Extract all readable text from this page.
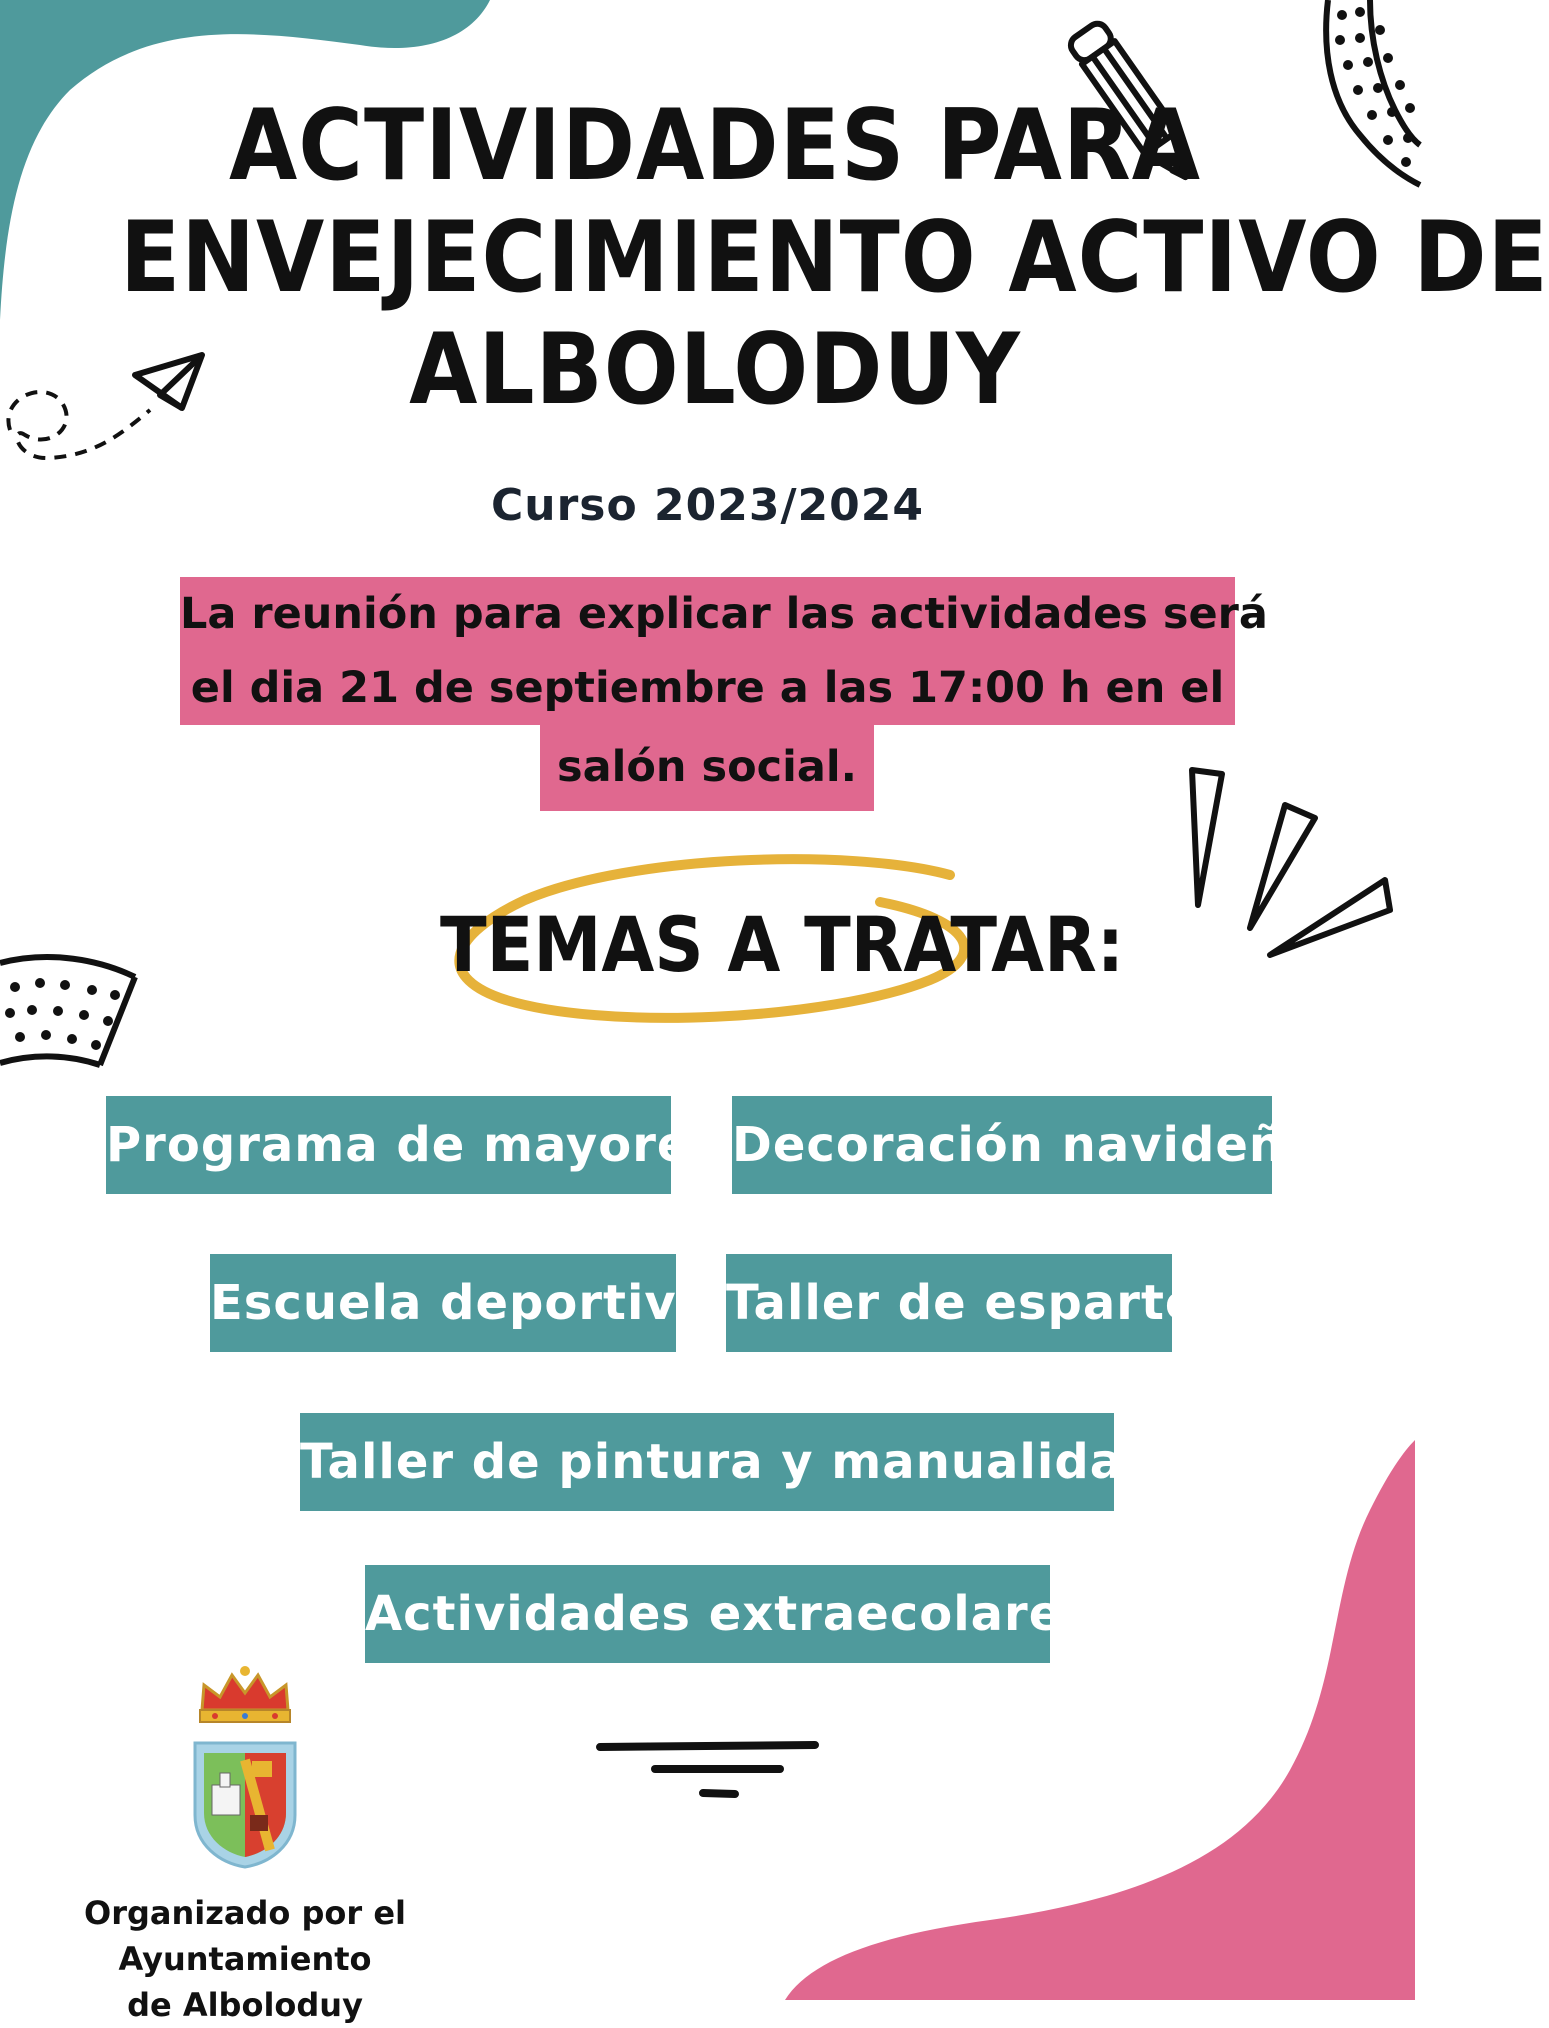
ACTIVIDADES PARA
ENVEJECIMIENTO ACTIVO DE
ALBOLODUY
Curso 2023/2024
La reunión para explicar las actividades será
el dia 21 de septiembre a las 17:00 h en el
salón social.
TEMAS A TRATAR:
Programa de mayores Decoración navideña
Escuela deportiva Taller de esparto
Taller de pintura y manualidades
Actividades extraecolares
Organizado por el Ayuntamiento
de Alboloduy
